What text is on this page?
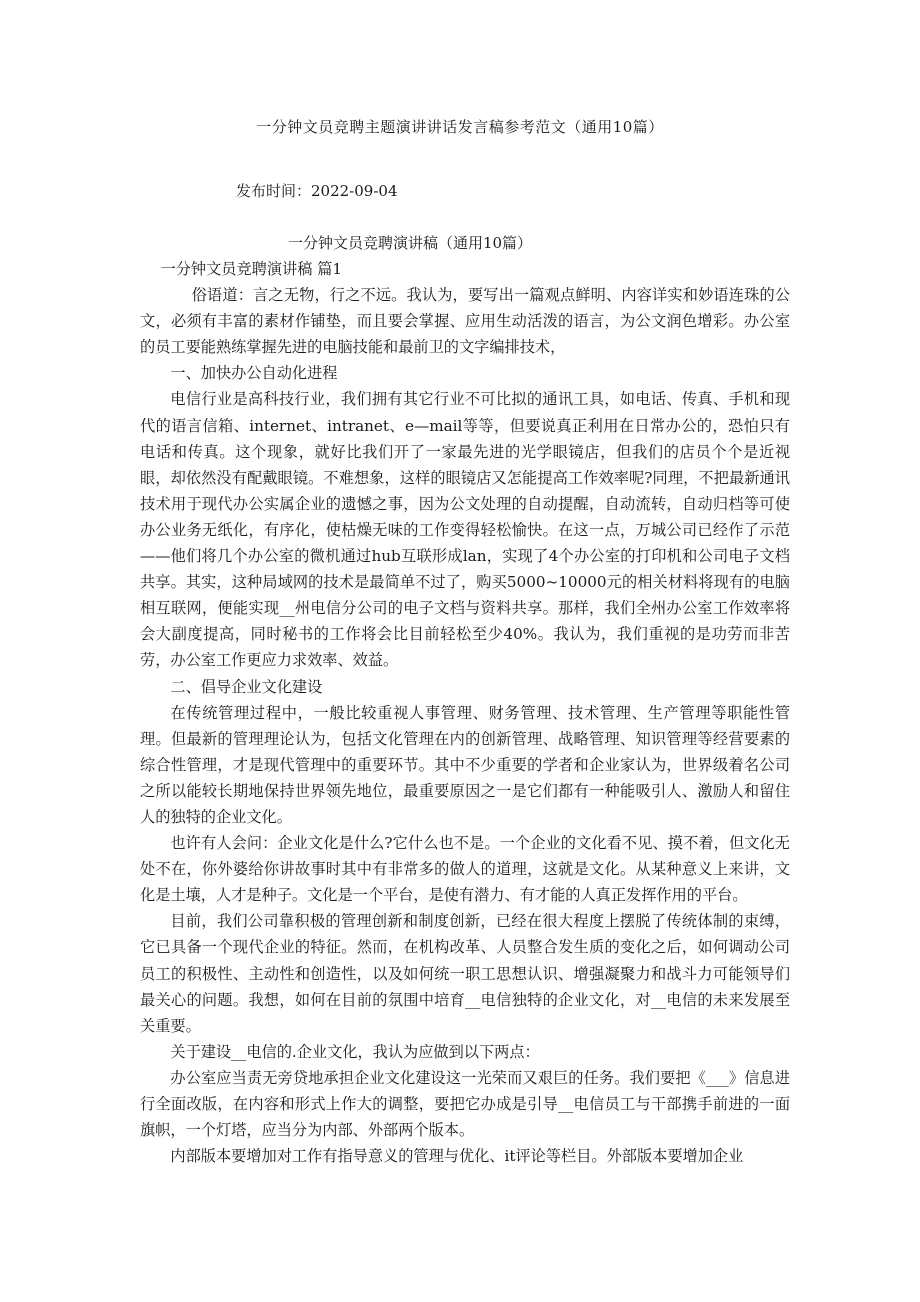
一分钟文员竞聘主题演讲讲话发言稿参考范文（通用10篇）
发布时间：2022-09-04
一分钟文员竞聘演讲稿（通用10篇）

一分钟文员竞聘演讲稿 篇1

俗语道：言之无物，行之不远。我认为，要写出一篇观点鲜明、内容详实和妙语连珠的公文，必须有丰富的素材作铺垫，而且要会掌握、应用生动活泼的语言，为公文润色增彩。办公室的员工要能熟练掌握先进的电脑技能和最前卫的文字编排技术，

一、加快办公自动化进程

电信行业是高科技行业，我们拥有其它行业不可比拟的通讯工具，如电话、传真、手机和现代的语言信箱、internet、intranet、e—mail等等，但要说真正利用在日常办公的，恐怕只有电话和传真。这个现象，就好比我们开了一家最先进的光学眼镜店，但我们的店员个个是近视眼，却依然没有配戴眼镜。不难想象，这样的眼镜店又怎能提高工作效率呢?同理，不把最新通讯技术用于现代办公实属企业的遗憾之事，因为公文处理的自动提醒，自动流转，自动归档等可使办公业务无纸化，有序化，使枯燥无味的工作变得轻松愉快。在这一点，万城公司已经作了示范——他们将几个办公室的微机通过hub互联形成lan，实现了4个办公室的打印机和公司电子文档共享。其实，这种局域网的技术是最简单不过了，购买5000~10000元的相关材料将现有的电脑相互联网，便能实现__州电信分公司的电子文档与资料共享。那样，我们全州办公室工作效率将会大副度提高，同时秘书的工作将会比目前轻松至少40%。我认为，我们重视的是功劳而非苦劳，办公室工作更应力求效率、效益。

二、倡导企业文化建设

在传统管理过程中，一般比较重视人事管理、财务管理、技术管理、生产管理等职能性管理。但最新的管理理论认为，包括文化管理在内的创新管理、战略管理、知识管理等经营要素的综合性管理，才是现代管理中的重要环节。其中不少重要的学者和企业家认为，世界级着名公司之所以能较长期地保持世界领先地位，最重要原因之一是它们都有一种能吸引人、激励人和留住人的独特的企业文化。

也许有人会问：企业文化是什么?它什么也不是。一个企业的文化看不见、摸不着，但文化无处不在，你外婆给你讲故事时其中有非常多的做人的道理，这就是文化。从某种意义上来讲，文化是土壤，人才是种子。文化是一个平台，是使有潜力、有才能的人真正发挥作用的平台。

目前，我们公司靠积极的管理创新和制度创新，已经在很大程度上摆脱了传统体制的束缚，它已具备一个现代企业的特征。然而，在机构改革、人员整合发生质的变化之后，如何调动公司员工的积极性、主动性和创造性，以及如何统一职工思想认识、增强凝聚力和战斗力可能领导们最关心的问题。我想，如何在目前的氛围中培育__电信独特的企业文化，对__电信的未来发展至关重要。

关于建设__电信的.企业文化，我认为应做到以下两点：

办公室应当责无旁贷地承担企业文化建设这一光荣而又艰巨的任务。我们要把《___》信息进行全面改版，在内容和形式上作大的调整，要把它办成是引导__电信员工与干部携手前进的一面旗帜，一个灯塔，应当分为内部、外部两个版本。

内部版本要增加对工作有指导意义的管理与优化、it评论等栏目。外部版本要增加企业
